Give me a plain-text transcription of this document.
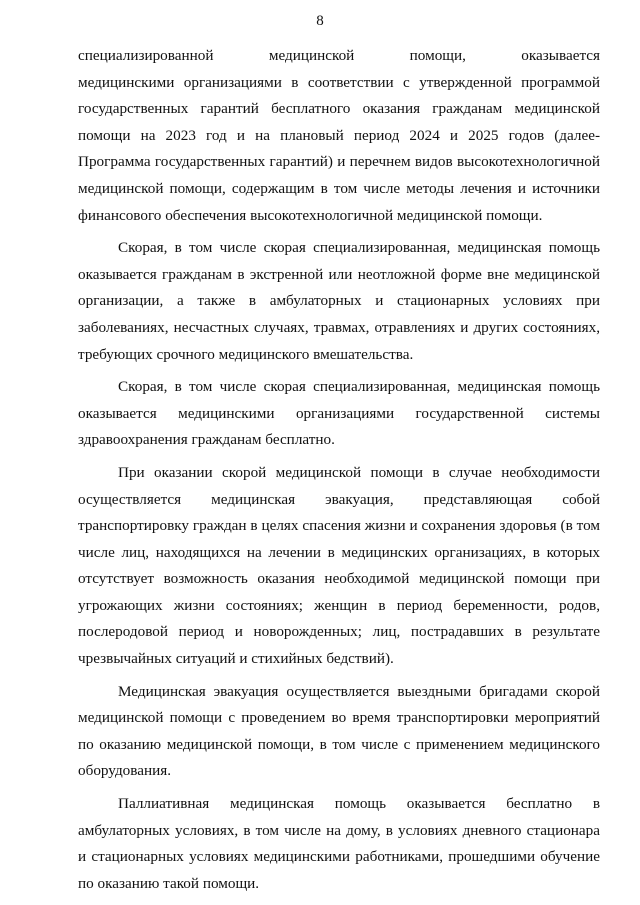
8
специализированной медицинской помощи, оказывается
медицинскими организациями в соответствии с утвержденной программой
государственных гарантий бесплатного оказания гражданам медицинской
помощи на 2023 год и на плановый период 2024 и 2025 годов (далее-
Программа государственных гарантий) и перечнем видов высокотехнологичной
медицинской помощи, содержащим в том числе методы лечения и источники
финансового обеспечения высокотехнологичной медицинской помощи.
Скорая, в том числе скорая специализированная, медицинская помощь
оказывается гражданам в экстренной или неотложной форме вне медицинской
организации, а также в амбулаторных и стационарных условиях при
заболеваниях, несчастных случаях, травмах, отравлениях и других состояниях,
требующих срочного медицинского вмешательства.
Скорая, в том числе скорая специализированная, медицинская помощь
оказывается медицинскими организациями государственной системы
здравоохранения гражданам бесплатно.
При оказании скорой медицинской помощи в случае необходимости
осуществляется медицинская эвакуация, представляющая собой
транспортировку граждан в целях спасения жизни и сохранения здоровья (в том
числе лиц, находящихся на лечении в медицинских организациях, в которых
отсутствует возможность оказания необходимой медицинской помощи при
угрожающих жизни состояниях; женщин в период беременности, родов,
послеродовой период и новорожденных; лиц, пострадавших в результате
чрезвычайных ситуаций и стихийных бедствий).
Медицинская эвакуация осуществляется выездными бригадами скорой
медицинской помощи с проведением во время транспортировки мероприятий
по оказанию медицинской помощи, в том числе с применением медицинского
оборудования.
Паллиативная медицинская помощь оказывается бесплатно в
амбулаторных условиях, в том числе на дому, в условиях дневного стационара
и стационарных условиях медицинскими работниками, прошедшими обучение
по оказанию такой помощи.
